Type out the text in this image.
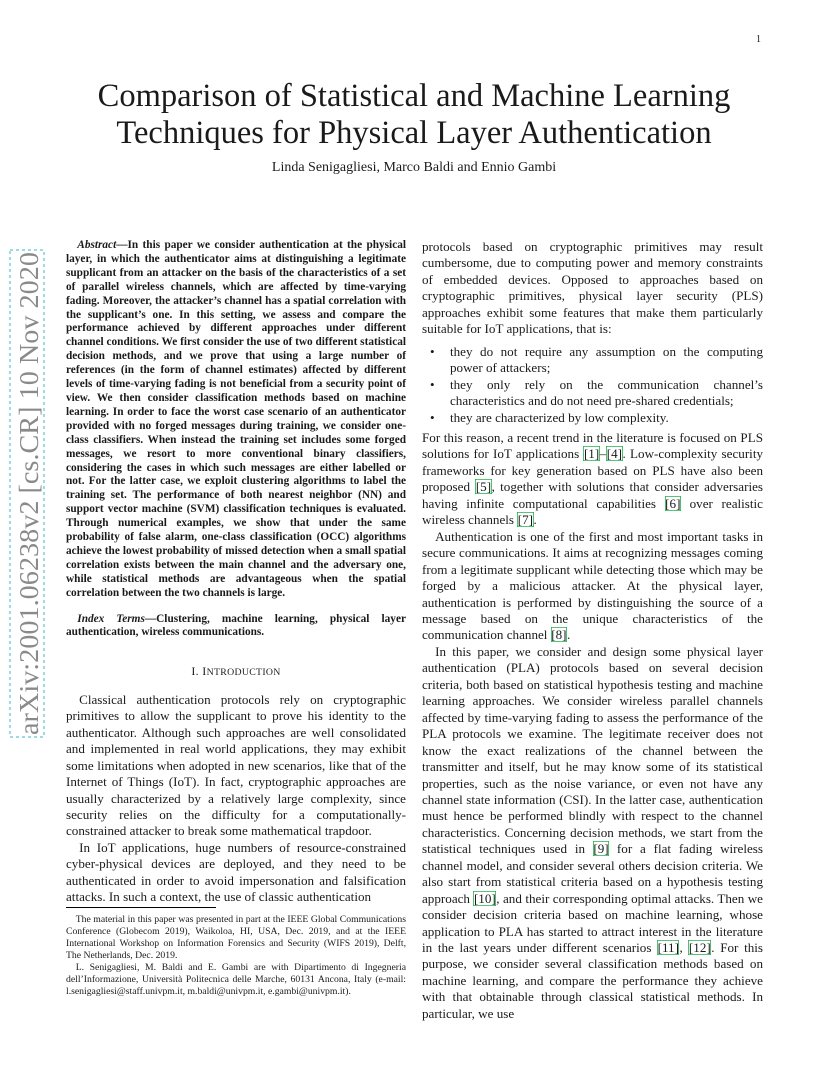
1
arXiv:2001.06238v2 [cs.CR] 10 Nov 2020
Comparison of Statistical and Machine Learning
Techniques for Physical Layer Authentication
Linda Senigagliesi, Marco Baldi and Ennio Gambi

Abstract—In this paper we consider authentication at the physical layer, in which the authenticator aims at distinguishing a legitimate supplicant from an attacker on the basis of the characteristics of a set of parallel wireless channels, which are affected by time-varying fading. Moreover, the attacker’s channel has a spatial correlation with the supplicant’s one. In this setting, we assess and compare the performance achieved by different approaches under different channel conditions. We first consider the use of two different statistical decision methods, and we prove that using a large number of references (in the form of channel estimates) affected by different levels of time-varying fading is not beneficial from a security point of view. We then consider classification methods based on machine learning. In order to face the worst case scenario of an authenticator provided with no forged messages during training, we consider one-class classifiers. When instead the training set includes some forged messages, we resort to more conventional binary classifiers, considering the cases in which such messages are either labelled or not. For the latter case, we exploit clustering algorithms to label the training set. The performance of both nearest neighbor (NN) and support vector machine (SVM) classification techniques is evaluated. Through numerical examples, we show that under the same probability of false alarm, one-class classification (OCC) algorithms achieve the lowest probability of missed detection when a small spatial correlation exists between the main channel and the adversary one, while statistical methods are advantageous when the spatial correlation between the two channels is large.

Index Terms—Clustering, machine learning, physical layer authentication, wireless communications.

I. INTRODUCTION

Classical authentication protocols rely on cryptographic primitives to allow the supplicant to prove his identity to the authenticator. Although such approaches are well consolidated and implemented in real world applications, they may exhibit some limitations when adopted in new scenarios, like that of the Internet of Things (IoT). In fact, cryptographic approaches are usually characterized by a relatively large complexity, since security relies on the difficulty for a computationally-constrained attacker to break some mathematical trapdoor.

In IoT applications, huge numbers of resource-constrained cyber-physical devices are deployed, and they need to be authenticated in order to avoid impersonation and falsification attacks. In such a context, the use of classic authentication

The material in this paper was presented in part at the IEEE Global Communications Conference (Globecom 2019), Waikoloa, HI, USA, Dec. 2019, and at the IEEE International Workshop on Information Forensics and Security (WIFS 2019), Delft, The Netherlands, Dec. 2019.

L. Senigagliesi, M. Baldi and E. Gambi are with Dipartimento di Ingegneria dell’Informazione, Università Politecnica delle Marche, 60131 Ancona, Italy (e-mail: l.senigagliesi@staff.univpm.it, m.baldi@univpm.it, e.gambi@univpm.it).

protocols based on cryptographic primitives may result cumbersome, due to computing power and memory constraints of embedded devices. Opposed to approaches based on cryptographic primitives, physical layer security (PLS) approaches exhibit some features that make them particularly suitable for IoT applications, that is:

• they do not require any assumption on the computing power of attackers;
• they only rely on the communication channel’s characteristics and do not need pre-shared credentials;
• they are characterized by low complexity.

For this reason, a recent trend in the literature is focused on PLS solutions for IoT applications [1]–[4]. Low-complexity security frameworks for key generation based on PLS have also been proposed [5], together with solutions that consider adversaries having infinite computational capabilities [6] over realistic wireless channels [7].

Authentication is one of the first and most important tasks in secure communications. It aims at recognizing messages coming from a legitimate supplicant while detecting those which may be forged by a malicious attacker. At the physical layer, authentication is performed by distinguishing the source of a message based on the unique characteristics of the communication channel [8].

In this paper, we consider and design some physical layer authentication (PLA) protocols based on several decision criteria, both based on statistical hypothesis testing and machine learning approaches. We consider wireless parallel channels affected by time-varying fading to assess the performance of the PLA protocols we examine. The legitimate receiver does not know the exact realizations of the channel between the transmitter and itself, but he may know some of its statistical properties, such as the noise variance, or even not have any channel state information (CSI). In the latter case, authentication must hence be performed blindly with respect to the channel characteristics. Concerning decision methods, we start from the statistical techniques used in [9] for a flat fading wireless channel model, and consider several others decision criteria. We also start from statistical criteria based on a hypothesis testing approach [10], and their corresponding optimal attacks. Then we consider decision criteria based on machine learning, whose application to PLA has started to attract interest in the literature in the last years under different scenarios [11], [12]. For this purpose, we consider several classification methods based on machine learning, and compare the performance they achieve with that obtainable through classical statistical methods. In particular, we use
